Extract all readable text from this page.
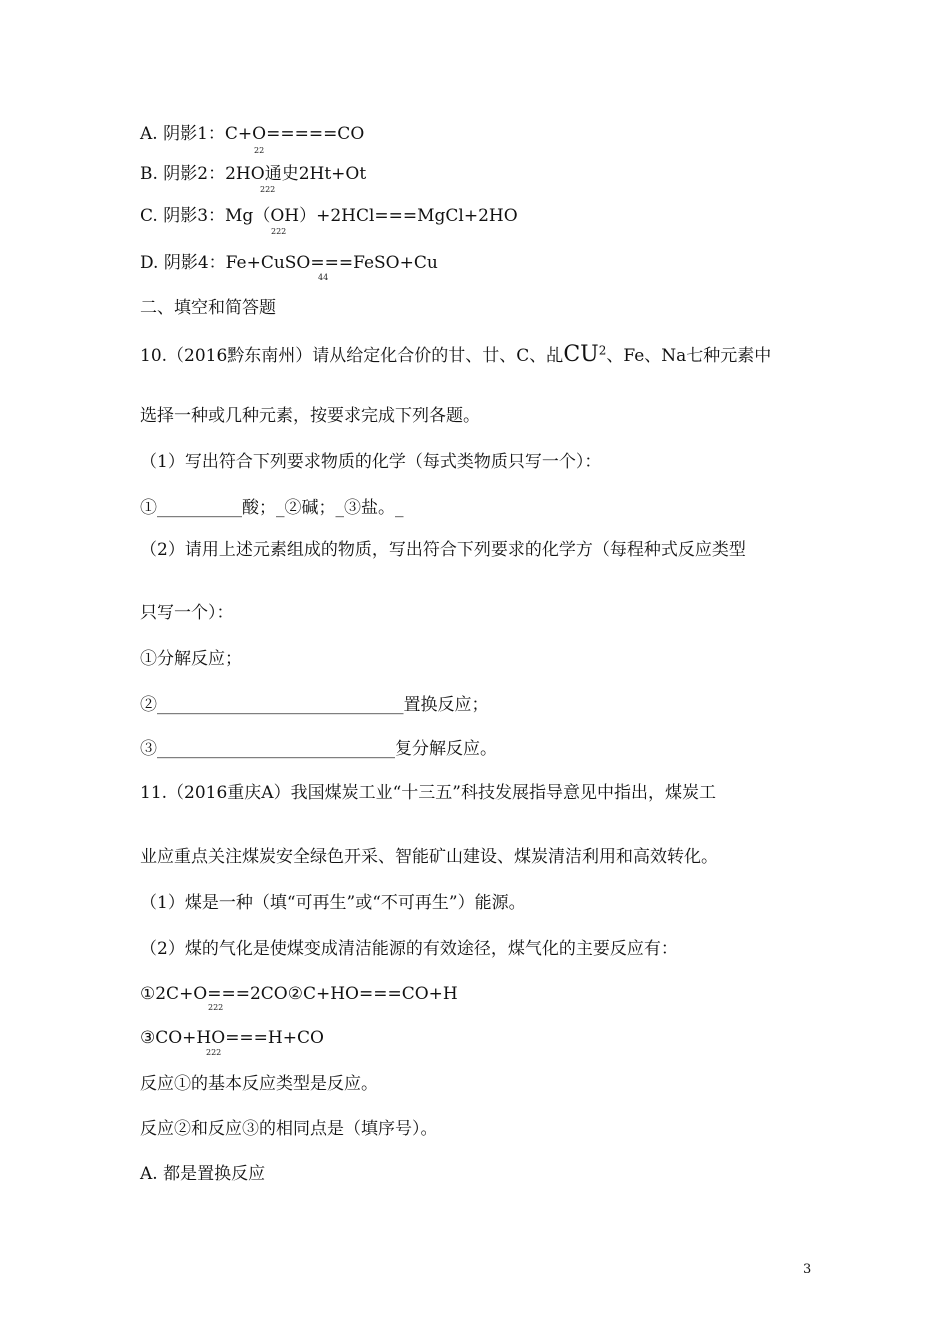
A. 阴影1：C+O=====CO
22
B. 阴影2：2HO通史2Ht+Ot
222
C. 阴影3：Mg（OH）+2HCl===MgCl+2HO
222
D. 阴影4：Fe+CuSO===FeSO+Cu
44
二、填空和简答题
10.（2016黔东南州）请从给定化合价的甘、廿、C、乩$CU^2$、Fe、Na七种元素中
选择一种或几种元素，按要求完成下列各题。
（1）写出符合下列要求物质的化学（每式类物质只写一个）：
①__________酸；_②碱；_③盐。_
（2）请用上述元素组成的物质，写出符合下列要求的化学方（每程种式反应类型
只写一个）：
①分解反应；
②_____________________________置换反应；
③____________________________复分解反应。
11.（2016重庆A）我国煤炭工业“十三五”科技发展指导意见中指出，煤炭工
业应重点关注煤炭安全绿色开采、智能矿山建设、煤炭清洁利用和高效转化。
（1）煤是一种（填“可再生”或“不可再生”）能源。
（2）煤的气化是使煤变成清洁能源的有效途径，煤气化的主要反应有：
①2C+O===2CO②C+HO===CO+H
222
③CO+HO===H+CO
222
反应①的基本反应类型是反应。
反应②和反应③的相同点是（填序号）。
A. 都是置换反应
3
